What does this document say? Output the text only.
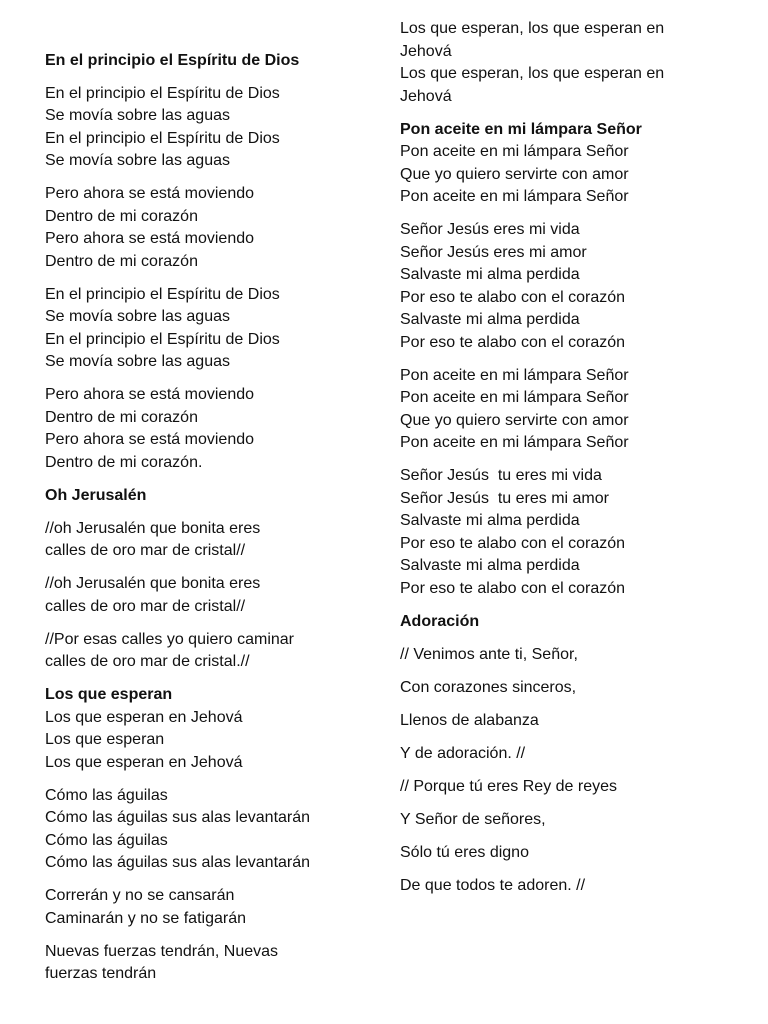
En el principio el Espíritu de Dios
En el principio el Espíritu de Dios
Se movía sobre las aguas
En el principio el Espíritu de Dios
Se movía sobre las aguas
Pero ahora se está moviendo
Dentro de mi corazón
Pero ahora se está moviendo
Dentro de mi corazón
En el principio el Espíritu de Dios
Se movía sobre las aguas
En el principio el Espíritu de Dios
Se movía sobre las aguas
Pero ahora se está moviendo
Dentro de mi corazón
Pero ahora se está moviendo
Dentro de mi corazón.
Oh Jerusalén
//oh Jerusalén que bonita eres
calles de oro mar de cristal//
//oh Jerusalén que bonita eres
calles de oro mar de cristal//
//Por esas calles yo quiero caminar
calles de oro mar de cristal.//
Los que esperan
Los que esperan en Jehová
Los que esperan
Los que esperan en Jehová
Cómo las águilas
Cómo las águilas sus alas levantarán
Cómo las águilas
Cómo las águilas sus alas levantarán
Correrán y no se cansarán
Caminarán y no se fatigarán
Nuevas fuerzas tendrán, Nuevas
fuerzas tendrán
Los que esperan, los que esperan en
Jehová
Los que esperan, los que esperan en
Jehová
Pon aceite en mi lámpara Señor
Pon aceite en mi lámpara Señor
Que yo quiero servirte con amor
Pon aceite en mi lámpara Señor
Señor Jesús eres mi vida
Señor Jesús eres mi amor
Salvaste mi alma perdida
Por eso te alabo con el corazón
Salvaste mi alma perdida
Por eso te alabo con el corazón
Pon aceite en mi lámpara Señor
Pon aceite en mi lámpara Señor
Que yo quiero servirte con amor
Pon aceite en mi lámpara Señor
Señor Jesús  tu eres mi vida
Señor Jesús  tu eres mi amor
Salvaste mi alma perdida
Por eso te alabo con el corazón
Salvaste mi alma perdida
Por eso te alabo con el corazón
Adoración
// Venimos ante ti, Señor,
Con corazones sinceros,
Llenos de alabanza
Y de adoración. //
// Porque tú eres Rey de reyes
Y Señor de señores,
Sólo tú eres digno
De que todos te adoren. //
